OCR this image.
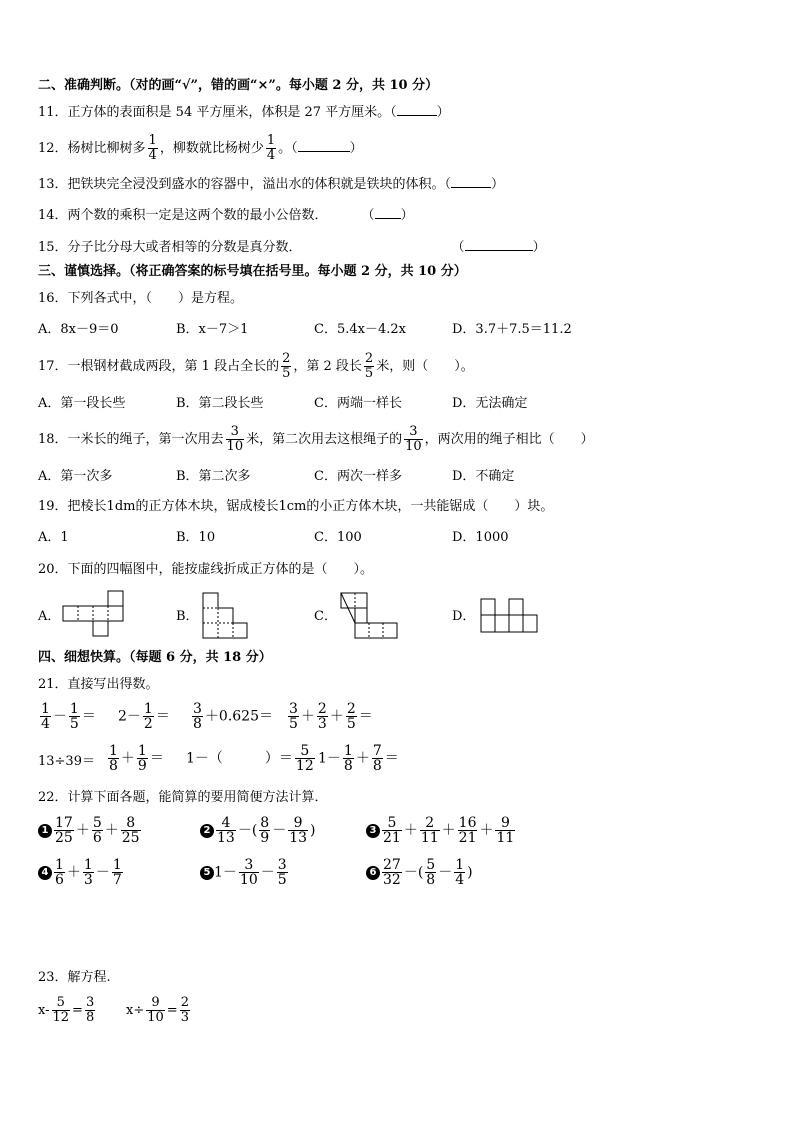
二、准确判断。（对的画“√”，错的画“×”。每小题 2 分，共 10 分）
11．正方体的表面积是 54 平方厘米，体积是 27 平方厘米。（	）
12．杨树比柳树多 $\frac{1}{4}$ ，柳数就比杨树少 $\frac{1}{4}$ 。（	）
13．把铁块完全浸没到盛水的容器中，溢出水的体积就是铁块的体积。（	）
14．两个数的乘积一定是这两个数的最小公倍数．	（ ）
15．分子比分母大或者相等的分数是真分数．	（	）
三、谨慎选择。（将正确答案的标号填在括号里。每小题 2 分，共 10 分）
16．下列各式中，（　　）是方程。
A．8x－9＝0	B．x－7＞1	C．5.4x－4.2x	D．3.7＋7.5＝11.2
17．一根钢材截成两段，第 1 段占全长的 $\frac{2}{5}$ ，第 2 段长 $\frac{2}{5}$ 米，则（　　）。
A．第一段长些	B．第二段长些	C．两端一样长	D．无法确定
18．一米长的绳子，第一次用去 $\frac{3}{10}$ 米，第二次用去这根绳子的 $\frac{3}{10}$ ，两次用的绳子相比（　　）
A．第一次多	B．第二次多	C．两次一样多	D．不确定
19．把棱长1dm的正方体木块，锯成棱长1cm的小正方体木块，一共能锯成（　　）块。
A．1	B．10	C．100	D．1000
20．下面的四幅图中，能按虚线折成正方体的是（　　）。
A．	B．	C．	D．
四、细想快算。（每题 6 分，共 18 分）
21．直接写出得数。
$\frac{1}{4} - \frac{1}{5} = 2- \frac{1}{2} = \frac{3}{8} +0.625= \frac{3}{5} + \frac{2}{3} + \frac{2}{5}$ ＝
$13\div 39= \frac{1}{8} + \frac{1}{9} = 1-$（　　　）＝ $\frac{5}{12} 1- \frac{1}{8} + \frac{7}{8}$ ＝
22．计算下面各题，能简算的要用简便方法计算．
$1 \frac{17}{25} + \frac{5}{6} + \frac{8}{25}$	$2 \frac{4}{13}$ －( $\frac{8}{9} - \frac{9}{13}$ )	$3 \frac{5}{21} + \frac{2}{11} + \frac{16}{21} + \frac{9}{11}$
$4 \frac{1}{6} + \frac{1}{3} - \frac{1}{7}$	5 $1- \frac{3}{10} - \frac{3}{5}$	$6 \frac{27}{32}$ －( $\frac{5}{8} - \frac{1}{4}$ )
23．解方程.
$x- \frac{5}{12} = \frac{3}{8} x\div \frac{9}{10} = \frac{2}{3}$
